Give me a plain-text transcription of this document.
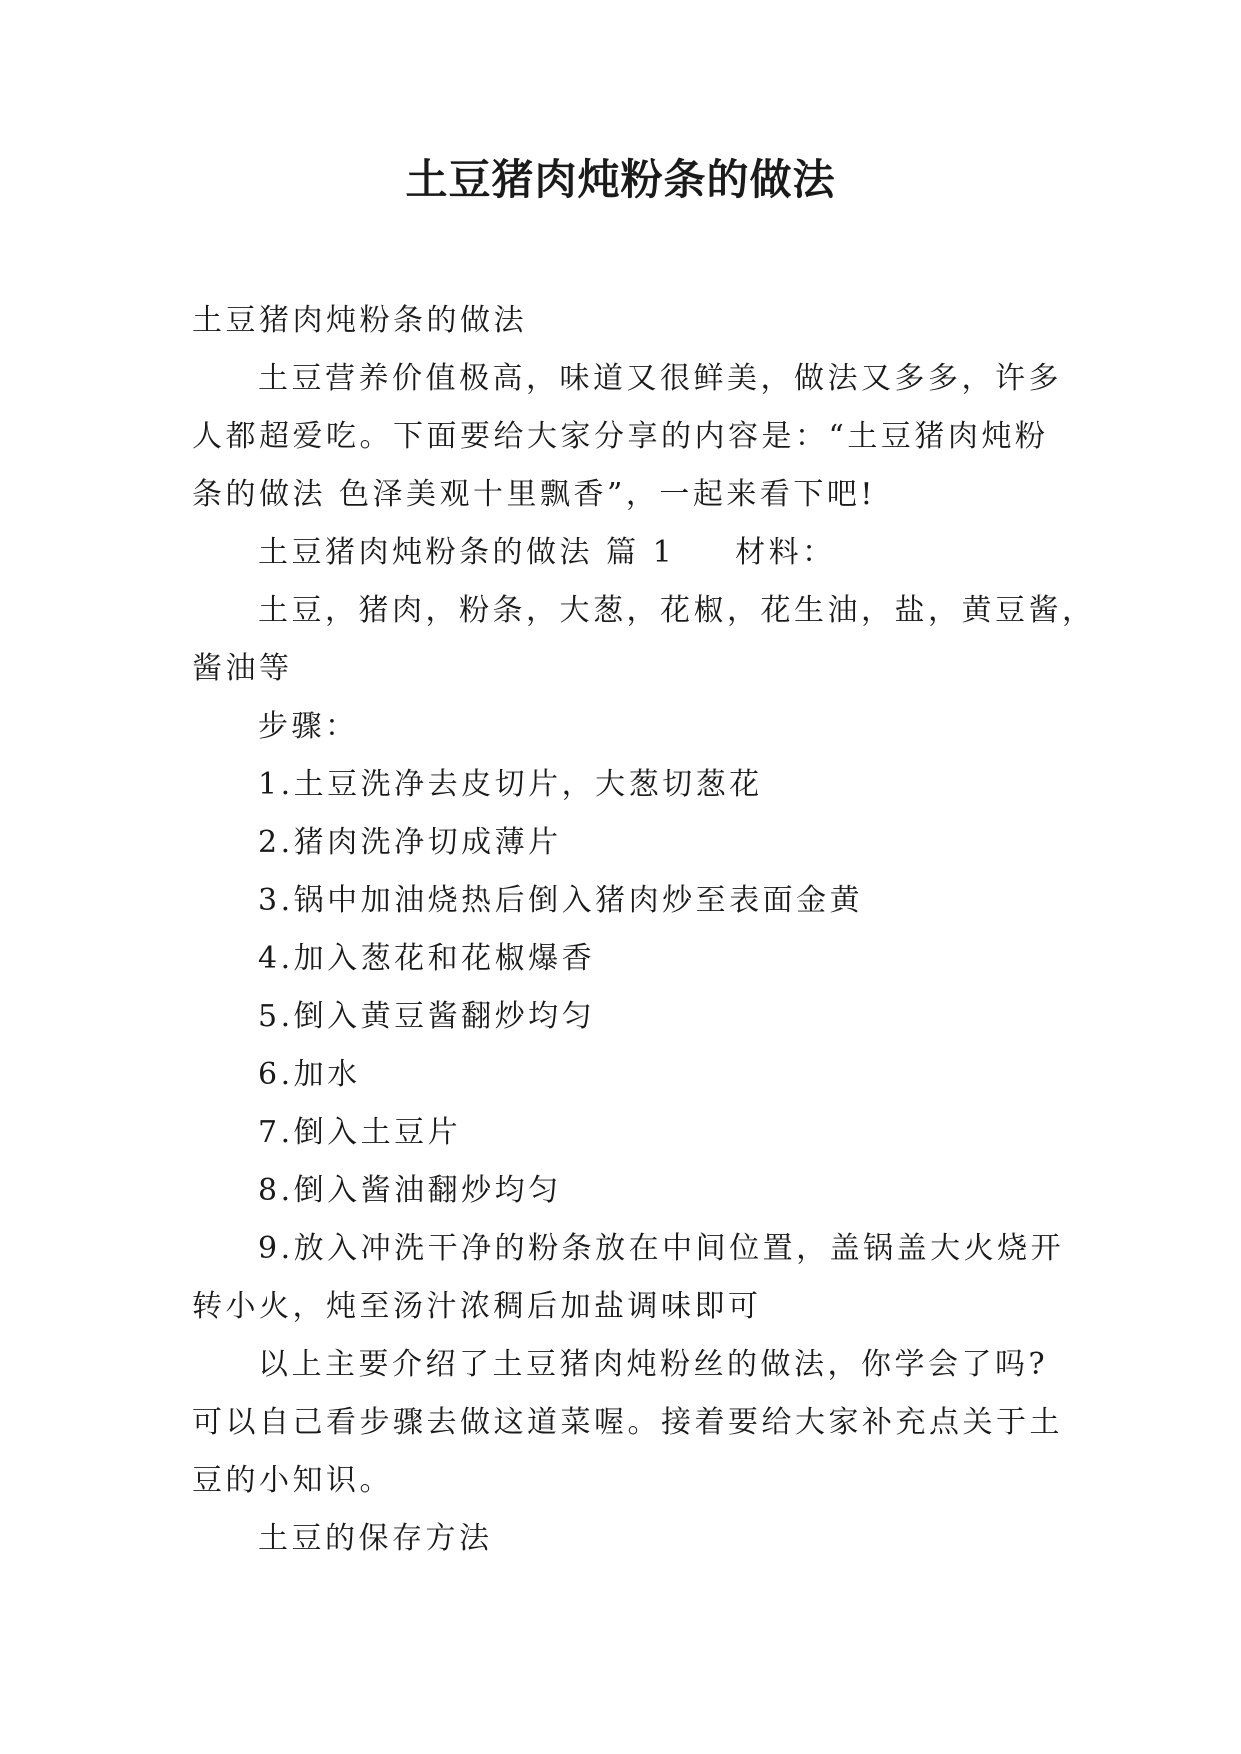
土豆猪肉炖粉条的做法
土豆猪肉炖粉条的做法
土豆营养价值极高，味道又很鲜美，做法又多多，许多
人都超爱吃。下面要给大家分享的内容是：“土豆猪肉炖粉
条的做法 色泽美观十里飘香”，一起来看下吧!
土豆猪肉炖粉条的做法 篇 1 材料：
土豆，猪肉，粉条，大葱，花椒，花生油，盐，黄豆酱，
酱油等
步骤：
1.土豆洗净去皮切片，大葱切葱花
2.猪肉洗净切成薄片
3.锅中加油烧热后倒入猪肉炒至表面金黄
4.加入葱花和花椒爆香
5.倒入黄豆酱翻炒均匀
6.加水
7.倒入土豆片
8.倒入酱油翻炒均匀
9.放入冲洗干净的粉条放在中间位置，盖锅盖大火烧开
转小火，炖至汤汁浓稠后加盐调味即可
以上主要介绍了土豆猪肉炖粉丝的做法，你学会了吗?
可以自己看步骤去做这道菜喔。接着要给大家补充点关于土
豆的小知识。
土豆的保存方法
